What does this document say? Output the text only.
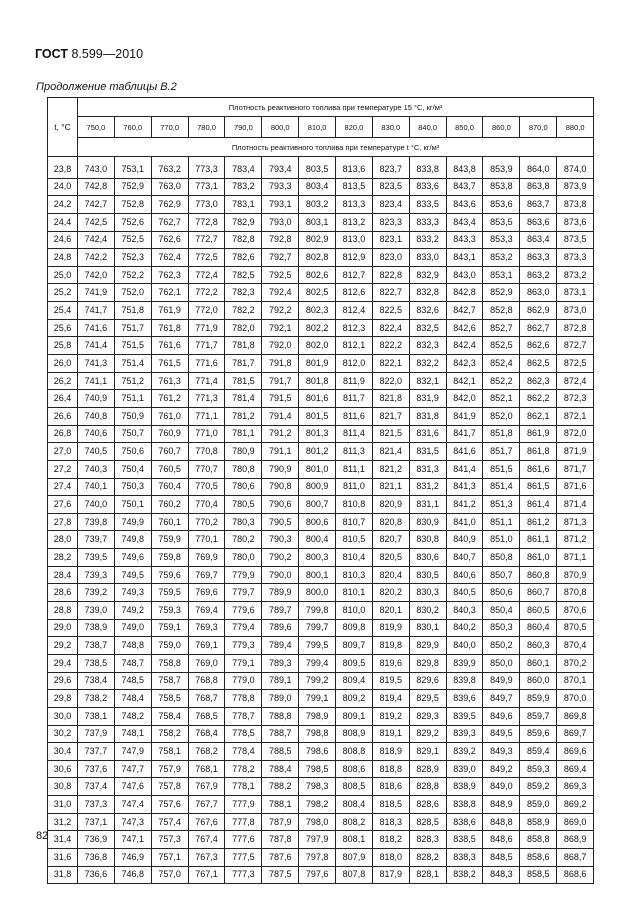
ГОСТ 8.599—2010
Продолжение таблицы В.2
t, °C	Плотность реактивного топлива при температуре 15 °C, кг/м³													
	750,0	760,0	770,0	780,0	790,0	800,0	810,0	820,0	830,0	840,0	850,0	860,0	870,0	880,0
	Плотность реактивного топлива при температуре t °C, кг/м³													
23,8	743,0	753,1	763,2	773,3	783,4	793,4	803,5	813,6	823,7	833,8	843,8	853,9	864,0	874,0
24,0	742,8	752,9	763,0	773,1	783,2	793,3	803,4	813,5	823,5	833,6	843,7	853,8	863,8	873,9
24,2	742,7	752,8	762,9	773,0	783,1	793,1	803,2	813,3	823,4	833,5	843,6	853,6	863,7	873,8
24,4	742,5	752,6	762,7	772,8	782,9	793,0	803,1	813,2	823,3	833,3	843,4	853,5	863,6	873,6
24,6	742,4	752,5	762,6	772,7	782,8	792,8	802,9	813,0	823,1	833,2	843,3	853,3	863,4	873,5
24,8	742,2	752,3	762,4	772,5	782,6	792,7	802,8	812,9	823,0	833,0	843,1	853,2	863,3	873,3
25,0	742,0	752,2	762,3	772,4	782,5	792,5	802,6	812,7	822,8	832,9	843,0	853,1	863,2	873,2
25,2	741,9	752,0	762,1	772,2	782,3	792,4	802,5	812,6	822,7	832,8	842,8	852,9	863,0	873,1
25,4	741,7	751,8	761,9	772,0	782,2	792,2	802,3	812,4	822,5	832,6	842,7	852,8	862,9	873,0
25,6	741,6	751,7	761,8	771,9	782,0	792,1	802,2	812,3	822,4	832,5	842,6	852,7	862,7	872,8
25,8	741,4	751,5	761,6	771,7	781,8	792,0	802,0	812,1	822,2	832,3	842,4	852,5	862,6	872,7
26,0	741,3	751,4	761,5	771,6	781,7	791,8	801,9	812,0	822,1	832,2	842,3	852,4	862,5	872,5
26,2	741,1	751,2	761,3	771,4	781,5	791,7	801,8	811,9	822,0	832,1	842,1	852,2	862,3	872,4
26,4	740,9	751,1	761,2	771,3	781,4	791,5	801,6	811,7	821,8	831,9	842,0	852,1	862,2	872,3
26,6	740,8	750,9	761,0	771,1	781,2	791,4	801,5	811,6	821,7	831,8	841,9	852,0	862,1	872,1
26,8	740,6	750,7	760,9	771,0	781,1	791,2	801,3	811,4	821,5	831,6	841,7	851,8	861,9	872,0
27,0	740,5	750,6	760,7	770,8	780,9	791,1	801,2	811,3	821,4	831,5	841,6	851,7	861,8	871,9
27,2	740,3	750,4	760,5	770,7	780,8	790,9	801,0	811,1	821,2	831,3	841,4	851,5	861,6	871,7
27,4	740,1	750,3	760,4	770,5	780,6	790,8	800,9	811,0	821,1	831,2	841,3	851,4	861,5	871,6
27,6	740,0	750,1	760,2	770,4	780,5	790,6	800,7	810,8	820,9	831,1	841,2	851,3	861,4	871,4
27,8	739,8	749,9	760,1	770,2	780,3	790,5	800,6	810,7	820,8	830,9	841,0	851,1	861,2	871,3
28,0	739,7	749,8	759,9	770,1	780,2	790,3	800,4	810,5	820,7	830,8	840,9	851,0	861,1	871,2
28,2	739,5	749,6	759,8	769,9	780,0	790,2	800,3	810,4	820,5	830,6	840,7	850,8	861,0	871,1
28,4	739,3	749,5	759,6	769,7	779,9	790,0	800,1	810,3	820,4	830,5	840,6	850,7	860,8	870,9
28,6	739,2	749,3	759,5	769,6	779,7	789,9	800,0	810,1	820,2	830,3	840,5	850,6	860,7	870,8
28,8	739,0	749,2	759,3	769,4	779,6	789,7	799,8	810,0	820,1	830,2	840,3	850,4	860,5	870,6
29,0	738,9	749,0	759,1	769,3	779,4	789,6	799,7	809,8	819,9	830,1	840,2	850,3	860,4	870,5
29,2	738,7	748,8	759,0	769,1	779,3	789,4	799,5	809,7	819,8	829,9	840,0	850,2	860,3	870,4
29,4	738,5	748,7	758,8	769,0	779,1	789,3	799,4	809,5	819,6	829,8	839,9	850,0	860,1	870,2
29,6	738,4	748,5	758,7	768,8	779,0	789,1	799,2	809,4	819,5	829,6	839,8	849,9	860,0	870,1
29,8	738,2	748,4	758,5	768,7	778,8	789,0	799,1	809,2	819,4	829,5	839,6	849,7	859,9	870,0
30,0	738,1	748,2	758,4	768,5	778,7	788,8	798,9	809,1	819,2	829,3	839,5	849,6	859,7	869,8
30,2	737,9	748,1	758,2	768,4	778,5	788,7	798,8	808,9	819,1	829,2	839,3	849,5	859,6	869,7
30,4	737,7	747,9	758,1	768,2	778,4	788,5	798,6	808,8	818,9	829,1	839,2	849,3	859,4	869,6
30,6	737,6	747,7	757,9	768,1	778,2	788,4	798,5	808,6	818,8	828,9	839,0	849,2	859,3	869,4
30,8	737,4	747,6	757,8	767,9	778,1	788,2	798,3	808,5	818,6	828,8	838,9	849,0	859,2	869,3
31,0	737,3	747,4	757,6	767,7	777,9	788,1	798,2	808,4	818,5	828,6	838,8	848,9	859,0	869,2
31,2	737,1	747,3	757,4	767,6	777,8	787,9	798,0	808,2	818,3	828,5	838,6	848,8	858,9	869,0
31,4	736,9	747,1	757,3	767,4	777,6	787,8	797,9	808,1	818,2	828,3	838,5	848,6	858,8	868,9
31,6	736,8	746,9	757,1	767,3	777,5	787,6	797,8	807,9	818,0	828,2	838,3	848,5	858,6	868,7
31,8	736,6	746,8	757,0	767,1	777,3	787,5	797,6	807,8	817,9	828,1	838,2	848,3	858,5	868,6
82
